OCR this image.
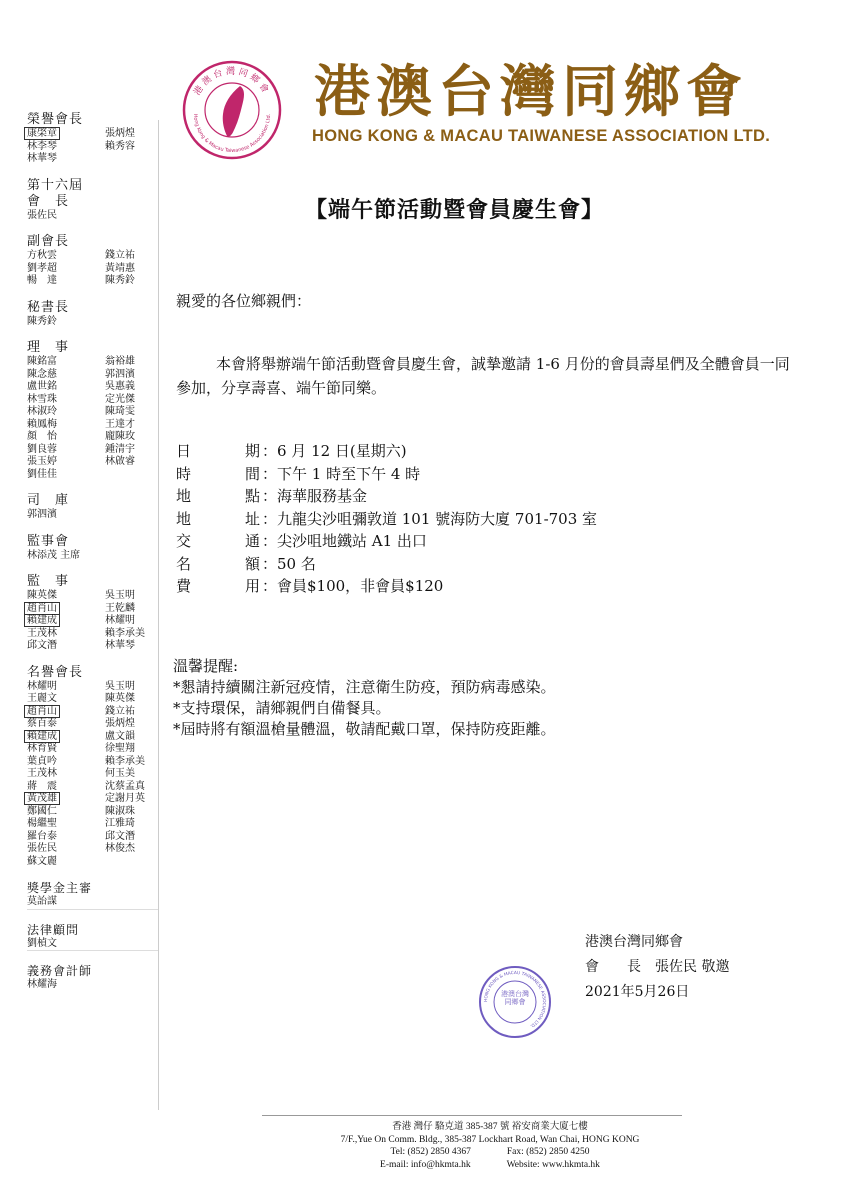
榮譽會長
康棨章	張炳煌
林李琴	賴秀容
林華琴
第十六屆
會　長
張佐民
副會長
方秋雲	錢立祐
劉孝超	黃靖惠
暢　達	陳秀鈴
秘書長
陳秀鈴
理　事
陳銘富	翁裕雄
陳念慈	郭泗濱
盧世銘	吳惠義
林雪珠	定光傑
林淑玲	陳琦雯
賴鳳梅	王達才
顏　怡	龐陳玫
劉良蓉	鍾清宇
張玉婷	林啟睿
劉佳佳
司　庫
郭泗濱
監事會
林添茂 主席
監　事
陳英傑	吳玉明
趙肖山	王乾麟
賴建成	林耀明
王茂林	賴李承美
邱文潛	林華琴
名譽會長
林耀明	吳玉明
王麗文	陳英傑
趙肖山	錢立祐
蔡百泰	張炳煌
賴建成	盧文韻
林育賢	徐聖翔
葉貞吟	賴李承美
王茂林	何玉美
蔣　震	沈蔡孟真
黃茂雄	定謝月英
鄭國仁	陳淑珠
楊繼聖	江雅琦
羅台泰	邱文潛
張佐民	林俊杰
蘇文麗
獎學金主審
莫詒謀
法律顧問
劉楨文
義務會計師
林耀海
港澳台灣同鄉會
Hong Kong & Macau Taiwanese Association Ltd. 港澳台灣同鄉會
HONG KONG & MACAU TAIWANESE ASSOCIATION LTD.
【端午節活動暨會員慶生會】
親愛的各位鄉親們：
本會將舉辦端午節活動暨會員慶生會，誠摯邀請 1-6 月份的會員壽星們及全體會員一同參加，分享壽喜、端午節同樂。
日	期 ：6 月 12 日(星期六)
時	間 ：下午 1 時至下午 4 時
地	點 ：海華服務基金
地	址 ：九龍尖沙咀彌敦道 101 號海防大廈 701-703 室
交	通 ：尖沙咀地鐵站 A1 出口
名	額 ：50 名
費	用 ：會員$100，非會員$120
溫馨提醒:
*懇請持續關注新冠疫情，注意衛生防疫，預防病毒感染。
*支持環保，請鄉親們自備餐具。
*屆時將有額溫槍量體溫，敬請配戴口罩，保持防疫距離。
港澳台灣同鄉會
會　　長　 張佐民 敬邀
2021年5月26日
HONG KONG & MACAU TAIWANESE ASSOCIATION LTD.
港澳台灣同鄉會
香港 灣仔 駱克道 385-387 號 裕安商業大廈七樓
7/F.,Yue On Comm. Bldg., 385-387 Lockhart Road, Wan Chai, HONG KONG
Tel: (852) 2850 4367	Fax: (852) 2850 4250
E-mail: info@hkmta.hk	Website: www.hkmta.hk
